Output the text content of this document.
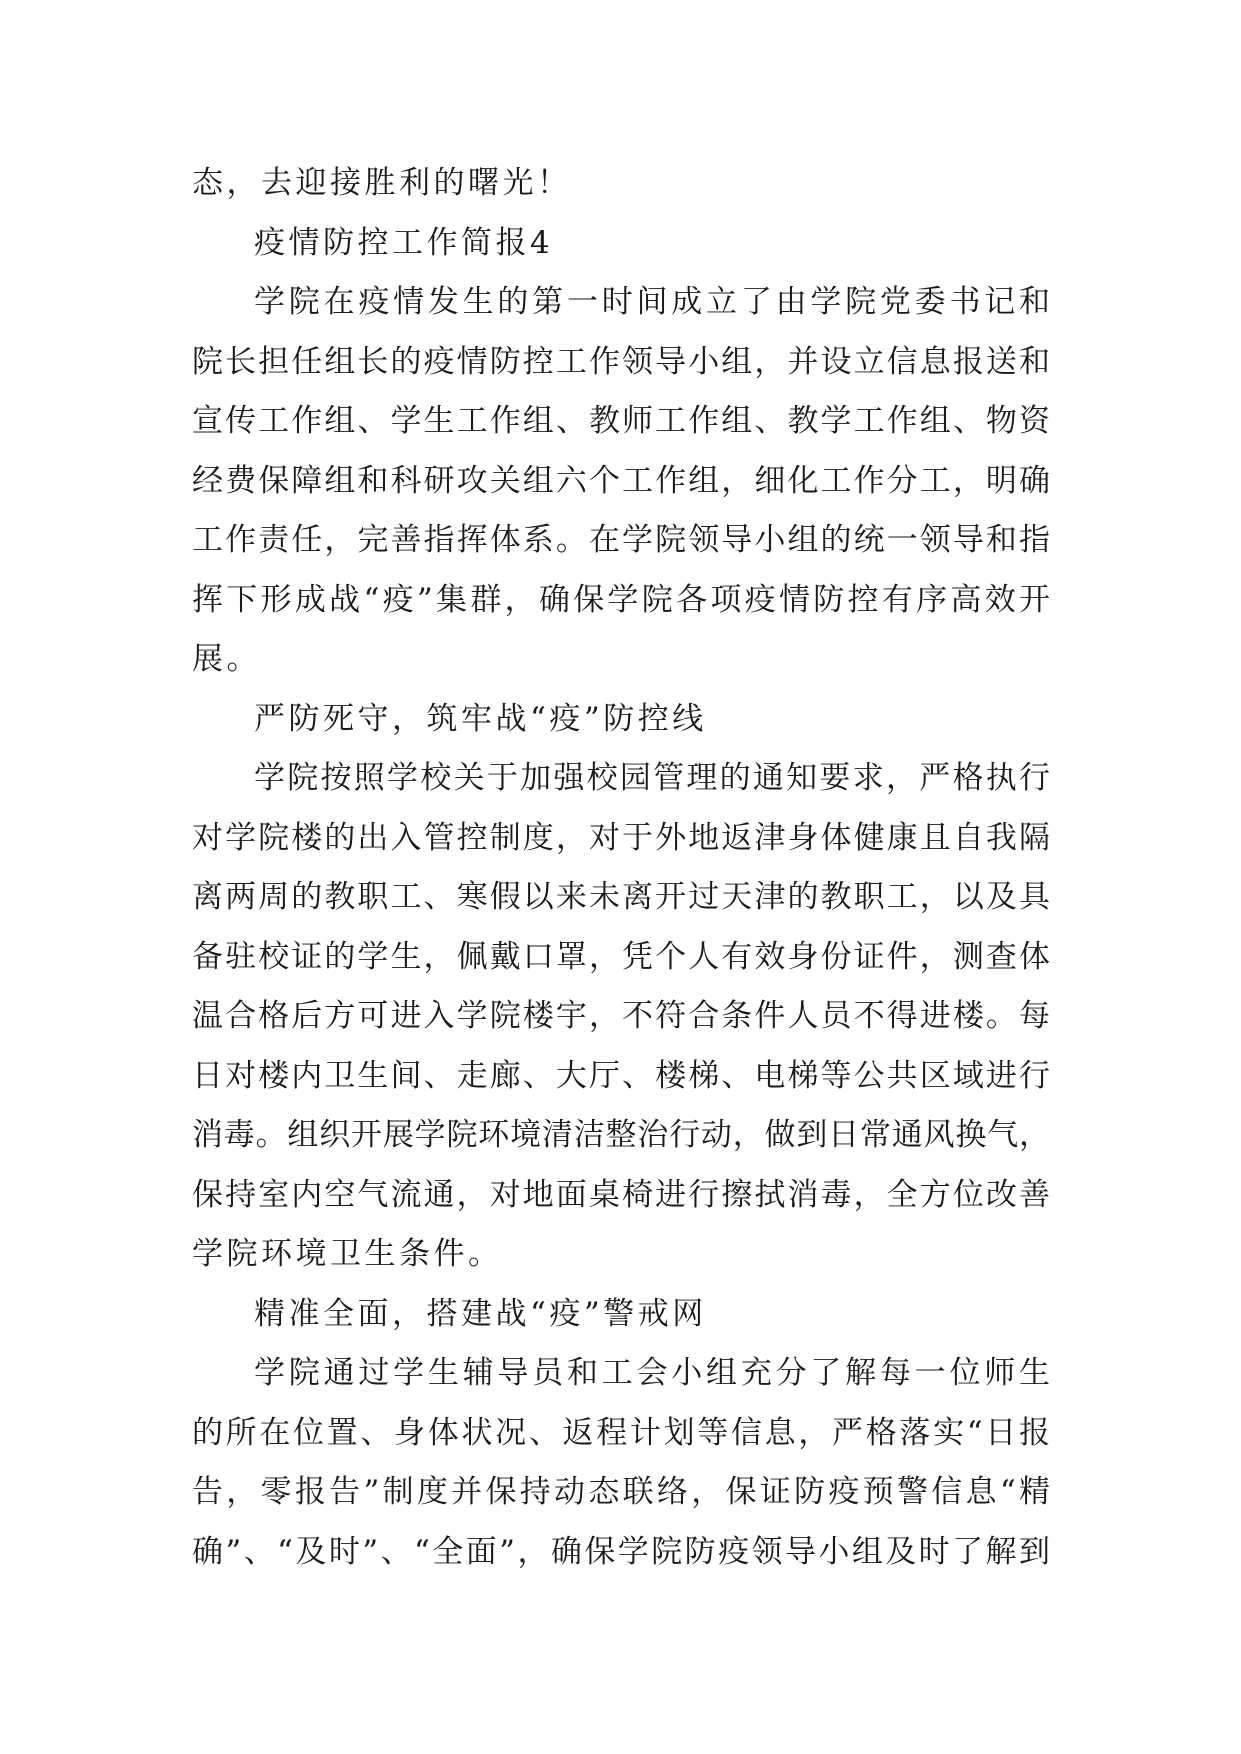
态，去迎接胜利的曙光！

疫情防控工作简报4

学院在疫情发生的第一时间成立了由学院党委书记和

院长担任组长的疫情防控工作领导小组，并设立信息报送和

宣传工作组、学生工作组、教师工作组、教学工作组、物资

经费保障组和科研攻关组六个工作组，细化工作分工，明确

工作责任，完善指挥体系。在学院领导小组的统一领导和指

挥下形成战“疫”集群，确保学院各项疫情防控有序高效开

展。

严防死守，筑牢战“疫”防控线

学院按照学校关于加强校园管理的通知要求，严格执行

对学院楼的出入管控制度，对于外地返津身体健康且自我隔

离两周的教职工、寒假以来未离开过天津的教职工，以及具

备驻校证的学生，佩戴口罩，凭个人有效身份证件，测查体

温合格后方可进入学院楼宇，不符合条件人员不得进楼。每

日对楼内卫生间、走廊、大厅、楼梯、电梯等公共区域进行

消毒。组织开展学院环境清洁整治行动，做到日常通风换气，

保持室内空气流通，对地面桌椅进行擦拭消毒，全方位改善

学院环境卫生条件。

精准全面，搭建战“疫”警戒网

学院通过学生辅导员和工会小组充分了解每一位师生

的所在位置、身体状况、返程计划等信息，严格落实“日报

告，零报告”制度并保持动态联络，保证防疫预警信息“精

确”、“及时”、“全面”，确保学院防疫领导小组及时了解到
